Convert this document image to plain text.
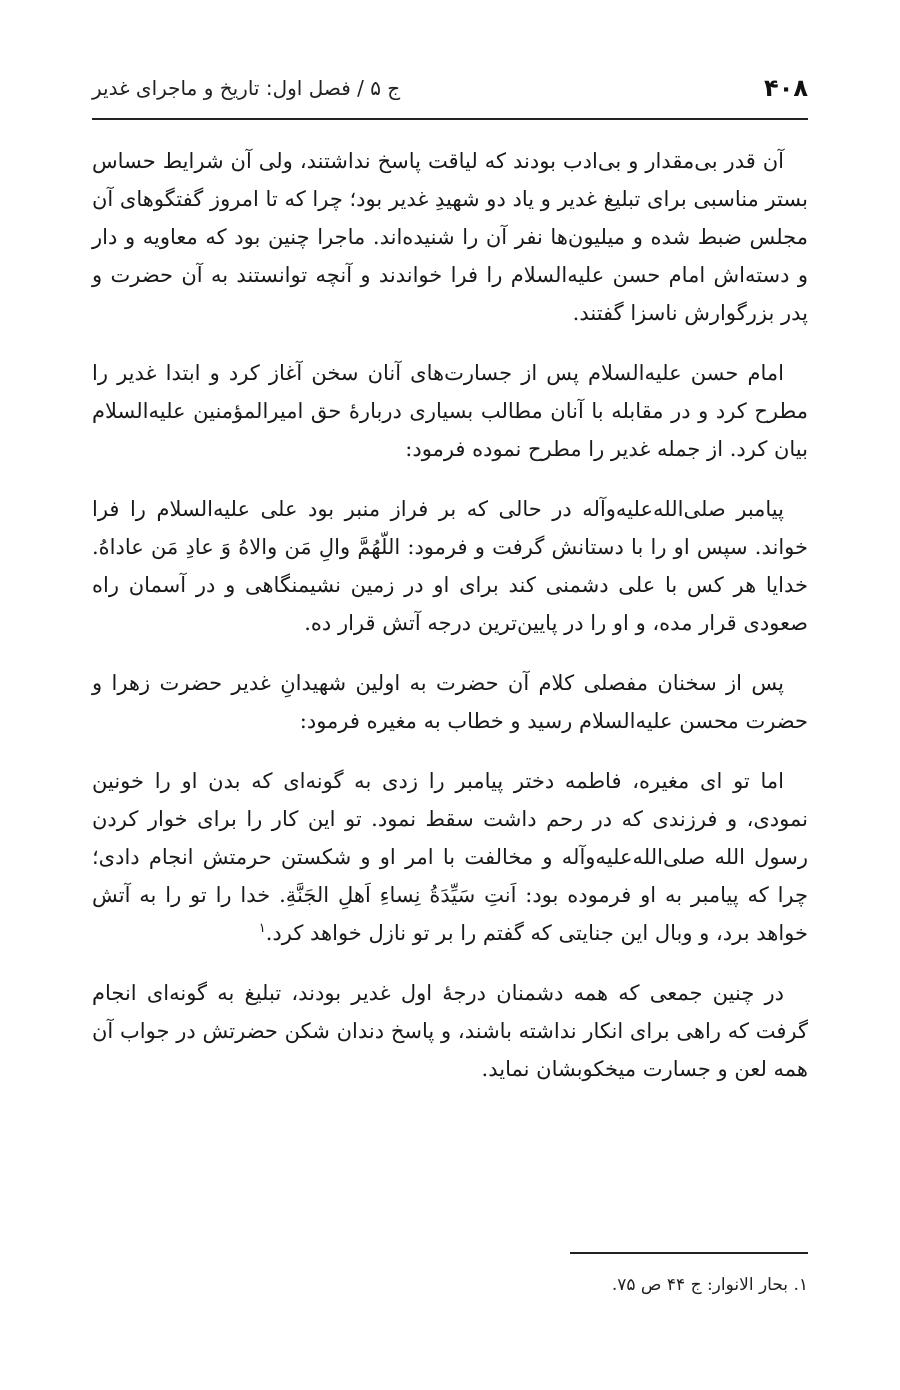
۴۰۸
ج ۵ / فصل اول: تاریخ و ماجرای غدیر

آن قدر بی‌مقدار و بی‌ادب بودند که لیاقت پاسخ نداشتند، ولی آن شرایط حساس بستر مناسبی برای تبلیغ غدیر و یاد دو شهیدِ غدیر بود؛ چرا که تا امروز گفتگوهای آن مجلس ضبط شده و میلیون‌ها نفر آن را شنیده‌اند. ماجرا چنین بود که معاویه و دار و دسته‌اش امام حسن علیه‌السلام را فرا خواندند و آنچه توانستند به آن حضرت و پدر بزرگوارش ناسزا گفتند.

امام حسن علیه‌السلام پس از جسارت‌های آنان سخن آغاز کرد و ابتدا غدیر را مطرح کرد و در مقابله با آنان مطالب بسیاری دربارهٔ حق امیرالمؤمنین علیه‌السلام بیان کرد. از جمله غدیر را مطرح نموده فرمود:

پیامبر صلی‌الله‌علیه‌وآله در حالی که بر فراز منبر بود علی علیه‌السلام را فرا خواند. سپس او را با دستانش گرفت و فرمود: اللّهُمَّ والِ مَن والاهُ وَ عادِ مَن عاداهُ. خدایا هر کس با علی دشمنی کند برای او در زمین نشیمنگاهی و در آسمان راه صعودی قرار مده، و او را در پایین‌ترین درجه آتش قرار ده.

پس از سخنان مفصلی کلام آن حضرت به اولین شهیدانِ غدیر حضرت زهرا و حضرت محسن علیه‌السلام رسید و خطاب به مغیره فرمود:

اما تو ای مغیره، فاطمه دختر پیامبر را زدی به گونه‌ای که بدن او را خونین نمودی، و فرزندی که در رحم داشت سقط نمود. تو این کار را برای خوار کردن رسول الله صلی‌الله‌علیه‌وآله و مخالفت با امر او و شکستن حرمتش انجام دادی؛ چرا که پیامبر به او فرموده بود: اَنتِ سَیِّدَةُ نِساءِ اَهلِ الجَنَّةِ. خدا را تو را به آتش خواهد برد، و وبال این جنایتی که گفتم را بر تو نازل خواهد کرد.$^۱$

در چنین جمعی که همه دشمنان درجهٔ اول غدیر بودند، تبلیغ به گونه‌ای انجام گرفت که راهی برای انکار نداشته باشند، و پاسخ دندان شکن حضرتش در جواب آن همه لعن و جسارت میخکوبشان نماید.

۱. بحار الانوار: ج ۴۴ ص ۷۵.
